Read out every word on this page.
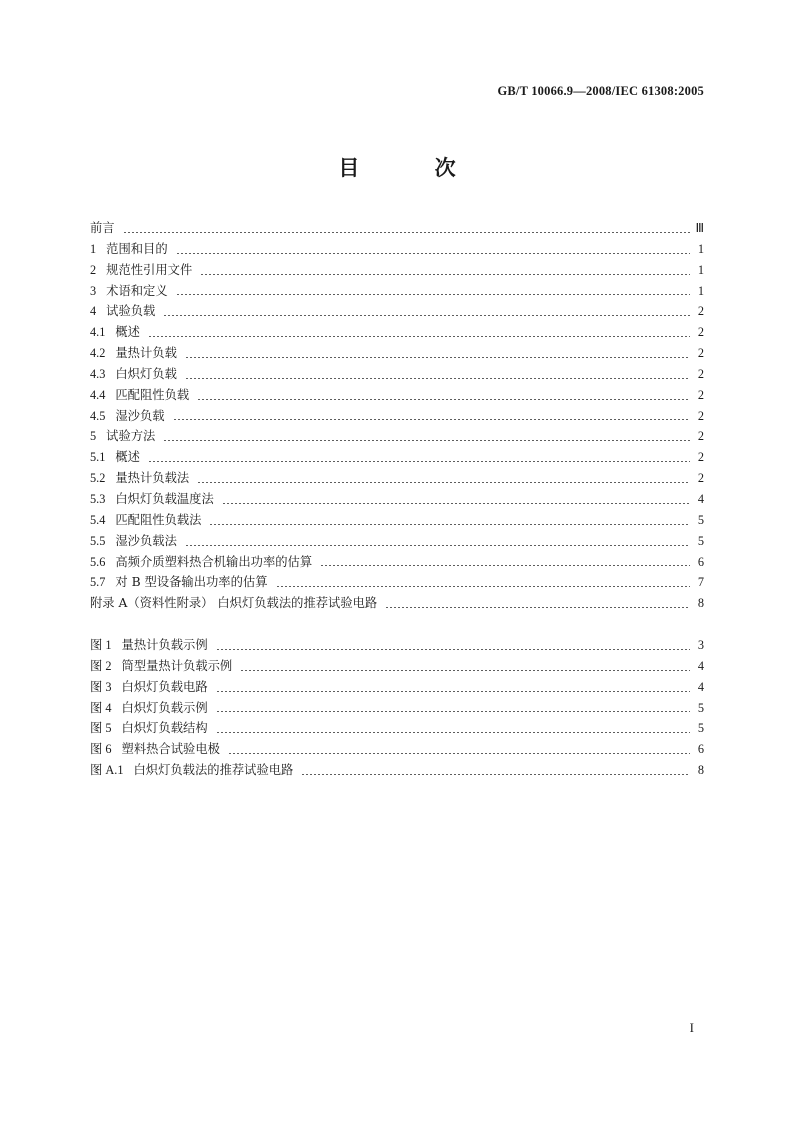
GB/T 10066.9—2008/IEC 61308:2005
目 次
前言	Ⅲ
1 范围和目的	1
2 规范性引用文件	1
3 术语和定义	1
4 试验负载	2
4.1 概述	2
4.2 量热计负载	2
4.3 白炽灯负载	2
4.4 匹配阻性负载	2
4.5 湿沙负载	2
5 试验方法	2
5.1 概述	2
5.2 量热计负载法	2
5.3 白炽灯负载温度法	4
5.4 匹配阻性负载法	5
5.5 湿沙负载法	5
5.6 高频介质塑料热合机输出功率的估算	6
5.7 对 B 型设备输出功率的估算	7
附录 A（资料性附录） 白炽灯负载法的推荐试验电路	8
图 1 量热计负载示例	3
图 2 筒型量热计负载示例	4
图 3 白炽灯负载电路	4
图 4 白炽灯负载示例	5
图 5 白炽灯负载结构	5
图 6 塑料热合试验电极	6
图 A.1 白炽灯负载法的推荐试验电路	8
I
